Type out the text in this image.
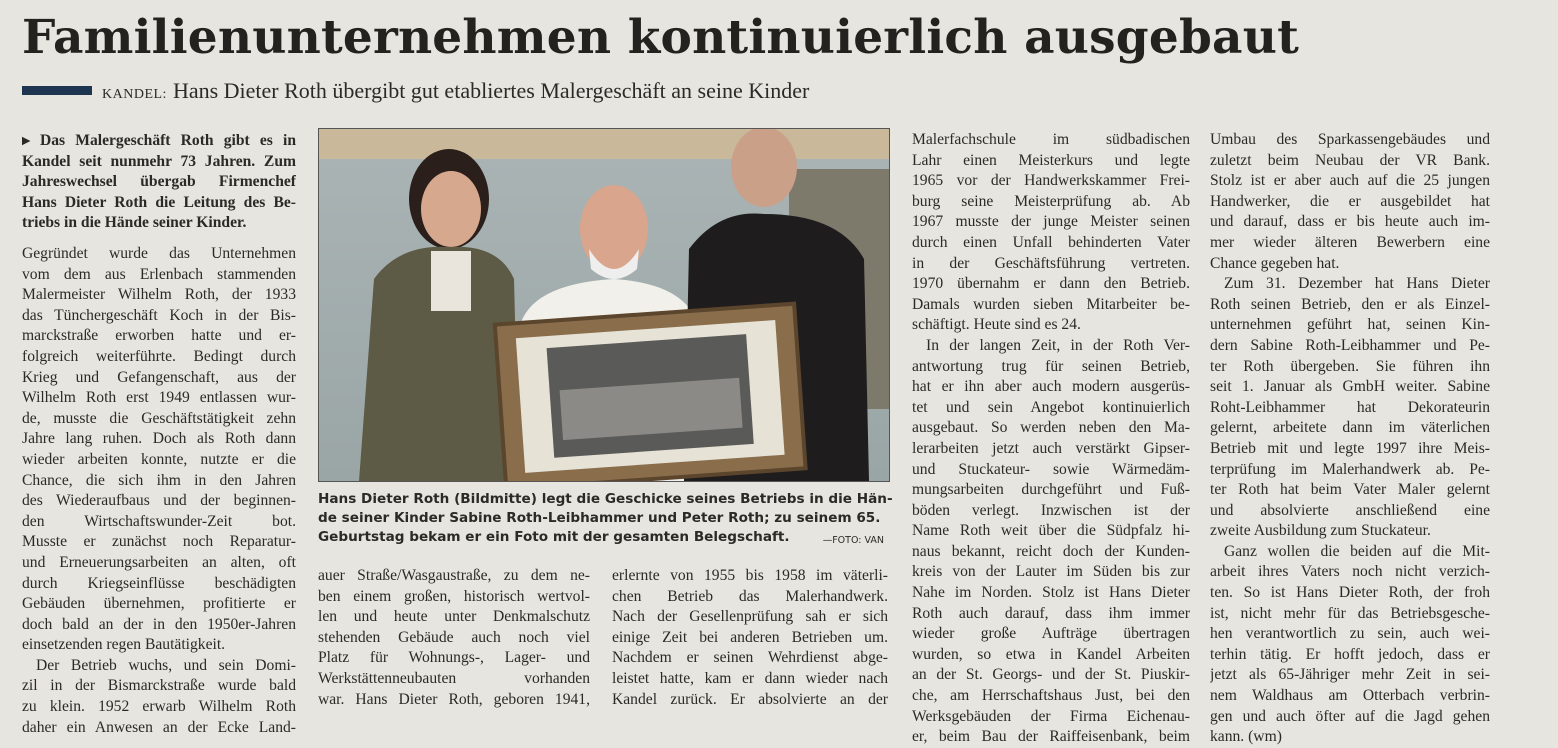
Familienunternehmen kontinuierlich ausgebaut
KANDEL: Hans Dieter Roth übergibt gut etabliertes Malergeschäft an seine Kinder
▸ Das Malergeschäft Roth gibt es in
Kandel seit nunmehr 73 Jahren. Zum
Jahreswechsel übergab Firmenchef
Hans Dieter Roth die Leitung des Be-
triebs in die Hände seiner Kinder.
Gegründet wurde das Unternehmen
vom dem aus Erlenbach stammenden
Malermeister Wilhelm Roth, der 1933
das Tünchergeschäft Koch in der Bis-
marckstraße erworben hatte und er-
folgreich weiterführte. Bedingt durch
Krieg und Gefangenschaft, aus der
Wilhelm Roth erst 1949 entlassen wur-
de, musste die Geschäftstätigkeit zehn
Jahre lang ruhen. Doch als Roth dann
wieder arbeiten konnte, nutzte er die
Chance, die sich ihm in den Jahren
des Wiederaufbaus und der beginnen-
den Wirtschaftswunder-Zeit bot.
Musste er zunächst noch Reparatur-
und Erneuerungsarbeiten an alten, oft
durch Kriegseinflüsse beschädigten
Gebäuden übernehmen, profitierte er
doch bald an der in den 1950er-Jahren
einsetzenden regen Bautätigkeit.
Der Betrieb wuchs, und sein Domi-
zil in der Bismarckstraße wurde bald
zu klein. 1952 erwarb Wilhelm Roth
daher ein Anwesen an der Ecke Land-
Hans Dieter Roth (Bildmitte) legt die Geschicke seines Betriebs in die Hän-
de seiner Kinder Sabine Roth-Leibhammer und Peter Roth; zu seinem 65.
Geburtstag bekam er ein Foto mit der gesamten Belegschaft.	—FOTO: VAN
auer Straße/Wasgaustraße, zu dem ne-
ben einem großen, historisch wertvol-
len und heute unter Denkmalschutz
stehenden Gebäude auch noch viel
Platz für Wohnungs-, Lager- und
Werkstättenneubauten vorhanden
war. Hans Dieter Roth, geboren 1941,
erlernte von 1955 bis 1958 im väterli-
chen Betrieb das Malerhandwerk.
Nach der Gesellenprüfung sah er sich
einige Zeit bei anderen Betrieben um.
Nachdem er seinen Wehrdienst abge-
leistet hatte, kam er dann wieder nach
Kandel zurück. Er absolvierte an der
Malerfachschule im südbadischen
Lahr einen Meisterkurs und legte
1965 vor der Handwerkskammer Frei-
burg seine Meisterprüfung ab. Ab
1967 musste der junge Meister seinen
durch einen Unfall behinderten Vater
in der Geschäftsführung vertreten.
1970 übernahm er dann den Betrieb.
Damals wurden sieben Mitarbeiter be-
schäftigt. Heute sind es 24.
In der langen Zeit, in der Roth Ver-
antwortung trug für seinen Betrieb,
hat er ihn aber auch modern ausgerüs-
tet und sein Angebot kontinuierlich
ausgebaut. So werden neben den Ma-
lerarbeiten jetzt auch verstärkt Gipser-
und Stuckateur- sowie Wärmedäm-
mungsarbeiten durchgeführt und Fuß-
böden verlegt. Inzwischen ist der
Name Roth weit über die Südpfalz hi-
naus bekannt, reicht doch der Kunden-
kreis von der Lauter im Süden bis zur
Nahe im Norden. Stolz ist Hans Dieter
Roth auch darauf, dass ihm immer
wieder große Aufträge übertragen
wurden, so etwa in Kandel Arbeiten
an der St. Georgs- und der St. Piuskir-
che, am Herrschaftshaus Just, bei den
Werksgebäuden der Firma Eichenau-
er, beim Bau der Raiffeisenbank, beim
Umbau des Sparkassengebäudes und
zuletzt beim Neubau der VR Bank.
Stolz ist er aber auch auf die 25 jungen
Handwerker, die er ausgebildet hat
und darauf, dass er bis heute auch im-
mer wieder älteren Bewerbern eine
Chance gegeben hat.
Zum 31. Dezember hat Hans Dieter
Roth seinen Betrieb, den er als Einzel-
unternehmen geführt hat, seinen Kin-
dern Sabine Roth-Leibhammer und Pe-
ter Roth übergeben. Sie führen ihn
seit 1. Januar als GmbH weiter. Sabine
Roht-Leibhammer hat Dekorateurin
gelernt, arbeitete dann im väterlichen
Betrieb mit und legte 1997 ihre Meis-
terprüfung im Malerhandwerk ab. Pe-
ter Roth hat beim Vater Maler gelernt
und absolvierte anschließend eine
zweite Ausbildung zum Stuckateur.
Ganz wollen die beiden auf die Mit-
arbeit ihres Vaters noch nicht verzich-
ten. So ist Hans Dieter Roth, der froh
ist, nicht mehr für das Betriebsgesche-
hen verantwortlich zu sein, auch wei-
terhin tätig. Er hofft jedoch, dass er
jetzt als 65-Jähriger mehr Zeit in sei-
nem Waldhaus am Otterbach verbrin-
gen und auch öfter auf die Jagd gehen
kann. (wm)
